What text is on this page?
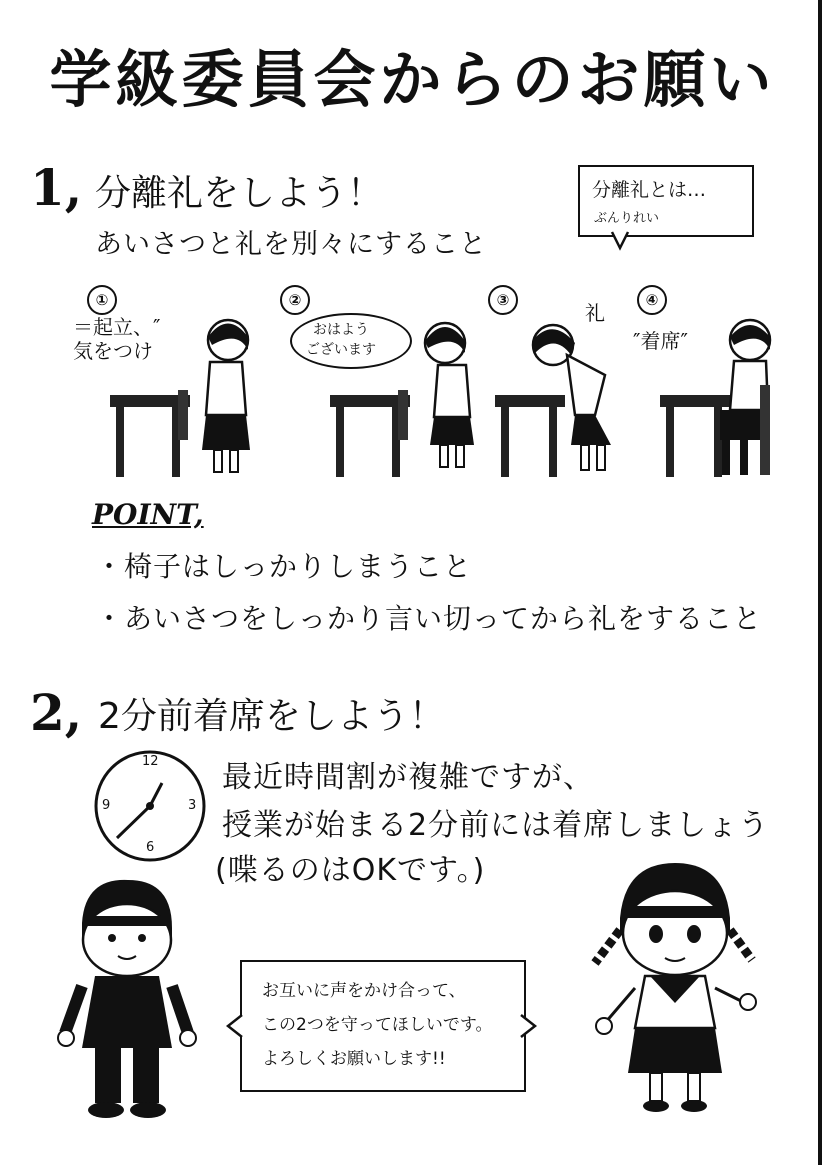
学級委員会からのお願い
1, 分離礼をしよう！
あいさつと礼を別々にすること
分離礼とは…
ぶんりれい
①
＝起立、″
気をつけ
②
おはよう
ございます
③
礼
④
″着席″
POINT,
・椅子はしっかりしまうこと
・あいさつをしっかり言い切ってから礼をすること
2, 2分前着席をしよう！
12
3
6
9
最近時間割が複雑ですが、
授業が始まる2分前には着席しましょう
(喋るのはOKです。)
お互いに声をかけ合って、
この2つを守ってほしいです。
よろしくお願いします!!
